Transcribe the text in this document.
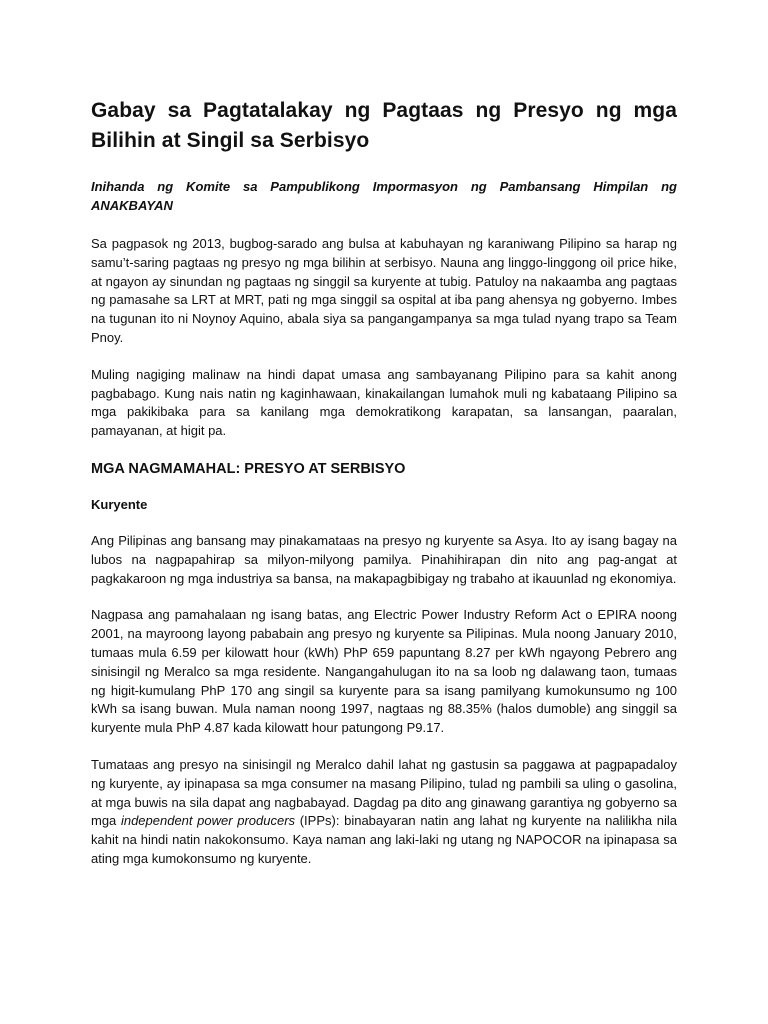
Gabay sa Pagtatalakay ng Pagtaas ng Presyo ng mga Bilihin at Singil sa Serbisyo
Inihanda ng Komite sa Pampublikong Impormasyon ng Pambansang Himpilan ng ANAKBAYAN

Sa pagpasok ng 2013, bugbog-sarado ang bulsa at kabuhayan ng karaniwang Pilipino sa harap ng samu’t-saring pagtaas ng presyo ng mga bilihin at serbisyo. Nauna ang linggo-linggong oil price hike, at ngayon ay sinundan ng pagtaas ng singgil sa kuryente at tubig. Patuloy na nakaamba ang pagtaas ng pamasahe sa LRT at MRT, pati ng mga singgil sa ospital at iba pang ahensya ng gobyerno. Imbes na tugunan ito ni Noynoy Aquino, abala siya sa pangangampanya sa mga tulad nyang trapo sa Team Pnoy.

Muling nagiging malinaw na hindi dapat umasa ang sambayanang Pilipino para sa kahit anong pagbabago. Kung nais natin ng kaginhawaan, kinakailangan lumahok muli ng kabataang Pilipino sa mga pakikibaka para sa kanilang mga demokratikong karapatan, sa lansangan, paaralan, pamayanan, at higit pa.

MGA NAGMAMAHAL: PRESYO AT SERBISYO
Kuryente

Ang Pilipinas ang bansang may pinakamataas na presyo ng kuryente sa Asya. Ito ay isang bagay na lubos na nagpapahirap sa milyon-milyong pamilya. Pinahihirapan din nito ang pag-angat at pagkakaroon ng mga industriya sa bansa, na makapagbibigay ng trabaho at ikauunlad ng ekonomiya.

Nagpasa ang pamahalaan ng isang batas, ang Electric Power Industry Reform Act o EPIRA noong 2001, na mayroong layong pababain ang presyo ng kuryente sa Pilipinas. Mula noong January 2010, tumaas mula 6.59 per kilowatt hour (kWh) PhP 659 papuntang 8.27 per kWh ngayong Pebrero ang sinisingil ng Meralco sa mga residente. Nangangahulugan ito na sa loob ng dalawang taon, tumaas ng higit-kumulang PhP 170 ang singil sa kuryente para sa isang pamilyang kumokunsumo ng 100 kWh sa isang buwan. Mula naman noong 1997, nagtaas ng 88.35% (halos dumoble) ang singgil sa kuryente mula PhP 4.87 kada kilowatt hour patungong P9.17.

Tumataas ang presyo na sinisingil ng Meralco dahil lahat ng gastusin sa paggawa at pagpapadaloy ng kuryente, ay ipinapasa sa mga consumer na masang Pilipino, tulad ng pambili sa uling o gasolina, at mga buwis na sila dapat ang nagbabayad. Dagdag pa dito ang ginawang garantiya ng gobyerno sa mga independent power producers (IPPs): binabayaran natin ang lahat ng kuryente na nalilikha nila kahit na hindi natin nakokonsumo. Kaya naman ang laki-laki ng utang ng NAPOCOR na ipinapasa sa ating mga kumokonsumo ng kuryente.
